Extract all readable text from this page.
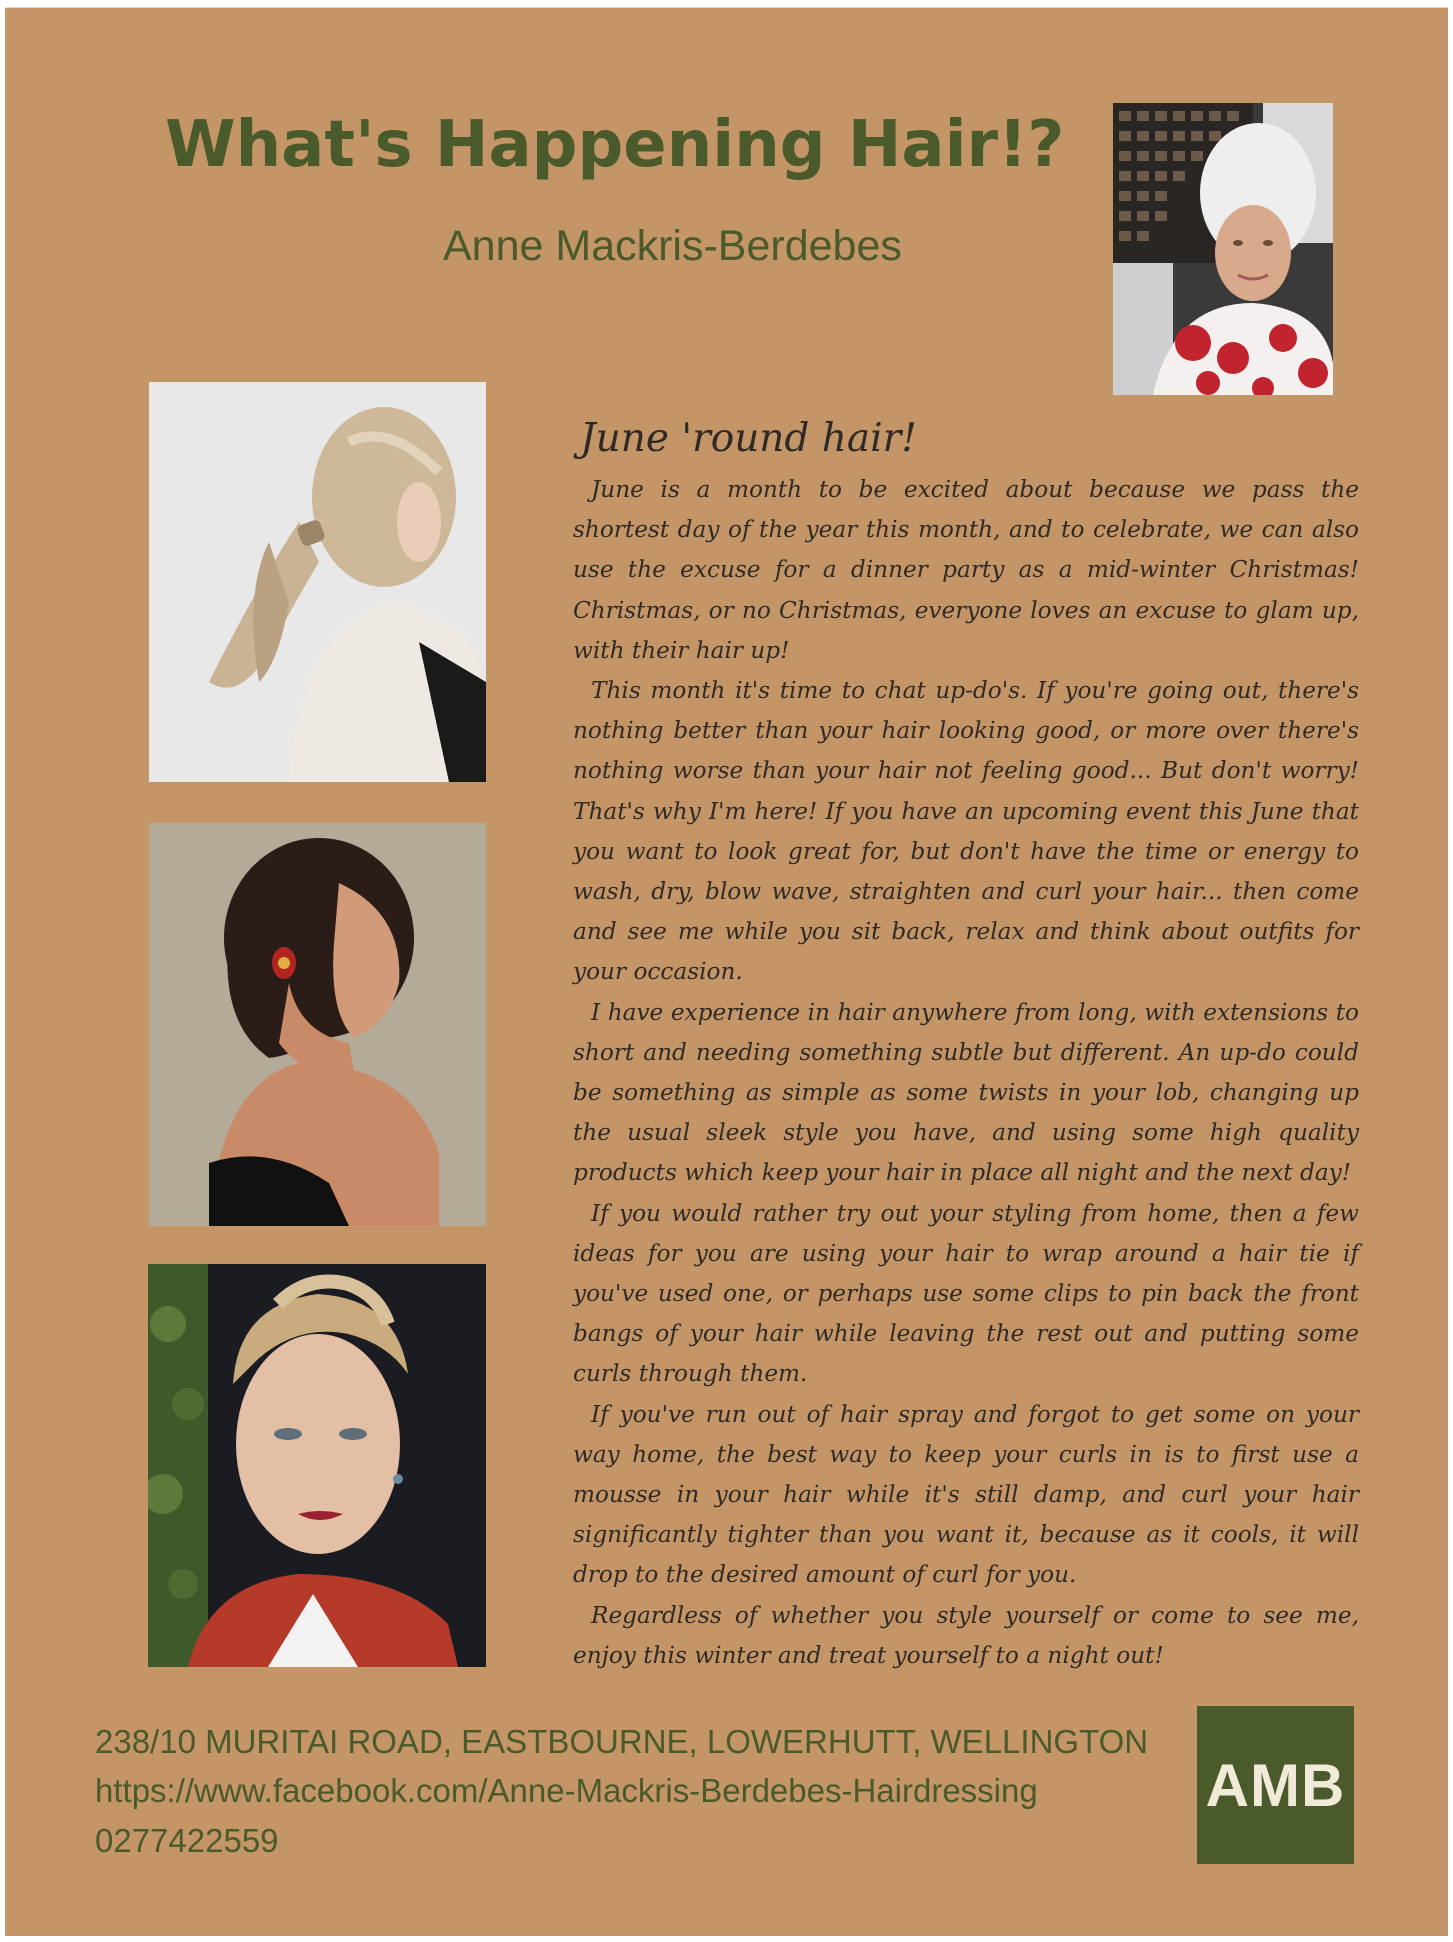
What's Happening Hair!?
Anne Mackris-Berdebes
June 'round hair!

June is a month to be excited about because we pass the shortest day of the year this month, and to celebrate, we can also use the excuse for a dinner party as a mid-winter Christmas! Christmas, or no Christmas, everyone loves an excuse to glam up, with their hair up!

This month it's time to chat up-do's. If you're going out, there's nothing better than your hair looking good, or more over there's nothing worse than your hair not feeling good... But don't worry! That's why I'm here! If you have an upcoming event this June that you want to look great for, but don't have the time or energy to wash, dry, blow wave, straighten and curl your hair... then come and see me while you sit back, relax and think about outfits for your occasion.

I have experience in hair anywhere from long, with extensions to short and needing something subtle but different. An up-do could be something as simple as some twists in your lob, changing up the usual sleek style you have, and using some high quality products which keep your hair in place all night and the next day!

If you would rather try out your styling from home, then a few ideas for you are using your hair to wrap around a hair tie if you've used one, or perhaps use some clips to pin back the front bangs of your hair while leaving the rest out and putting some curls through them.

If you've run out of hair spray and forgot to get some on your way home, the best way to keep your curls in is to first use a mousse in your hair while it's still damp, and curl your hair significantly tighter than you want it, because as it cools, it will drop to the desired amount of curl for you.

Regardless of whether you style yourself or come to see me, enjoy this winter and treat yourself to a night out!

238/10 MURITAI ROAD, EASTBOURNE, LOWERHUTT, WELLINGTON
https://www.facebook.com/Anne-Mackris-Berdebes-Hairdressing
0277422559
AMB
